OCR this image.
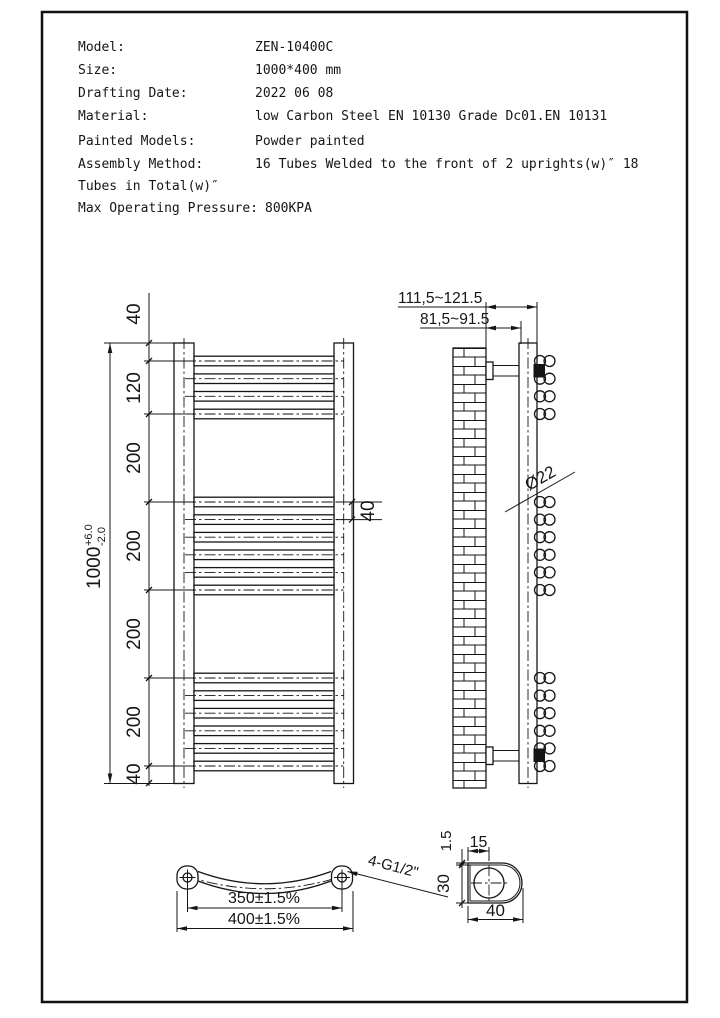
Model:	ZEN-10400C
Size:	1000*400 mm
Drafting Date:	2022 06 08
Material:	low Carbon Steel EN 10130 Grade Dc01.EN 10131
Painted Models:	Powder painted
Assembly Method:	16 Tubes Welded to the front of 2 uprights(w)″ 18
Tubes in Total(w)″
Max Operating Pressure: 800KPA
40
120
200
200
200
200
40
40
1000
+6.0 -2.0
111,5~121.5
81,5~91.5
Ø22
350±1.5%
400±1.5%
4-G1/2"
15
1.5
30
40
